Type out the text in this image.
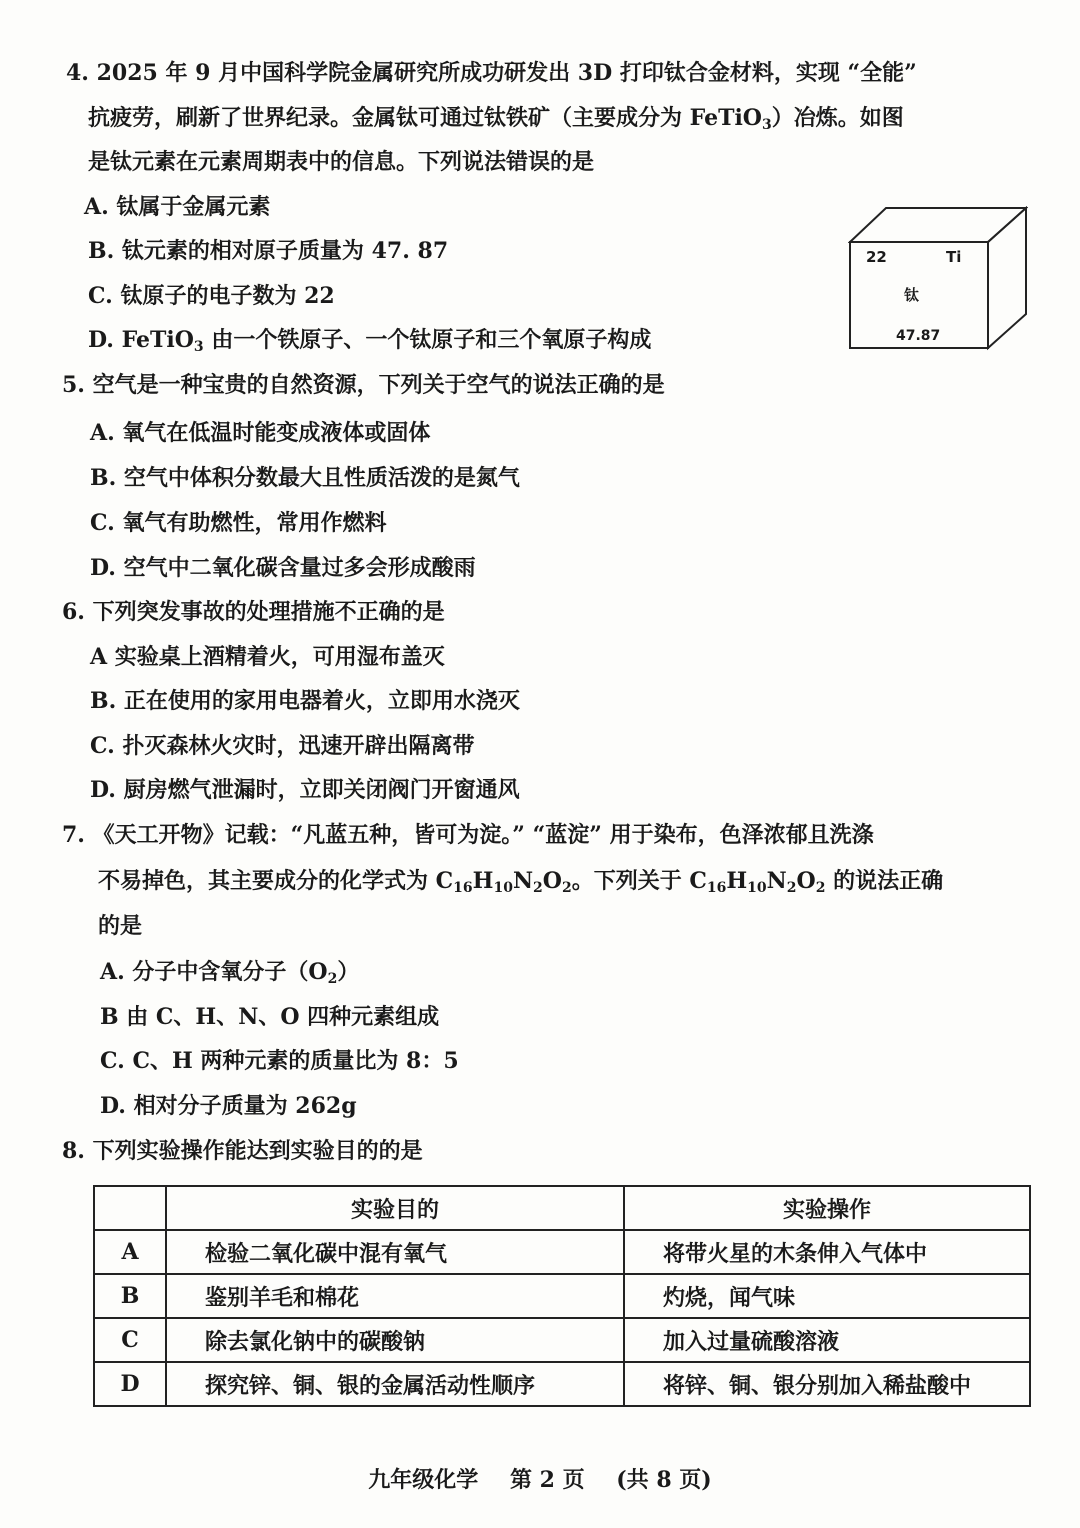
4. 2025 年 9 月中国科学院金属研究所成功研发出 3D 打印钛合金材料，实现 “全能”
抗疲劳，刷新了世界纪录。金属钛可通过钛铁矿（主要成分为 FeTiO$_3$）冶炼。如图
是钛元素在元素周期表中的信息。下列说法错误的是
A. 钛属于金属元素
B. 钛元素的相对原子质量为 47. 87
C. 钛原子的电子数为 22
D. FeTiO$_3$ 由一个铁原子、一个钛原子和三个氧原子构成
22	Ti
钛
47.87
5. 空气是一种宝贵的自然资源，下列关于空气的说法正确的是
A. 氧气在低温时能变成液体或固体
B. 空气中体积分数最大且性质活泼的是氮气
C. 氧气有助燃性，常用作燃料
D. 空气中二氧化碳含量过多会形成酸雨
6. 下列突发事故的处理措施不正确的是
A 实验桌上酒精着火，可用湿布盖灭
B. 正在使用的家用电器着火，立即用水浇灭
C. 扑灭森林火灾时，迅速开辟出隔离带
D. 厨房燃气泄漏时，立即关闭阀门开窗通风
7. 《天工开物》记载：“凡蓝五种，皆可为淀。” “蓝淀” 用于染布，色泽浓郁且洗涤
不易掉色，其主要成分的化学式为 $C_{16}H_{10}N_2O_2$。下列关于 $C_{16}H_{10}N_2O_2$ 的说法正确
的是
A. 分子中含氧分子$(O_2)$
B 由 C、H、N、O 四种元素组成
C. C、H 两种元素的质量比为 8：5
D. 相对分子质量为 262g
8. 下列实验操作能达到实验目的的是
	实验目的	实验操作
A	检验二氧化碳中混有氧气	将带火星的木条伸入气体中
B	鉴别羊毛和棉花	灼烧，闻气味
C	除去氯化钠中的碳酸钠	加入过量硫酸溶液
D	探究锌、铜、银的金属活动性顺序	将锌、铜、银分别加入稀盐酸中
九年级化学 第 2 页 (共 8 页)
